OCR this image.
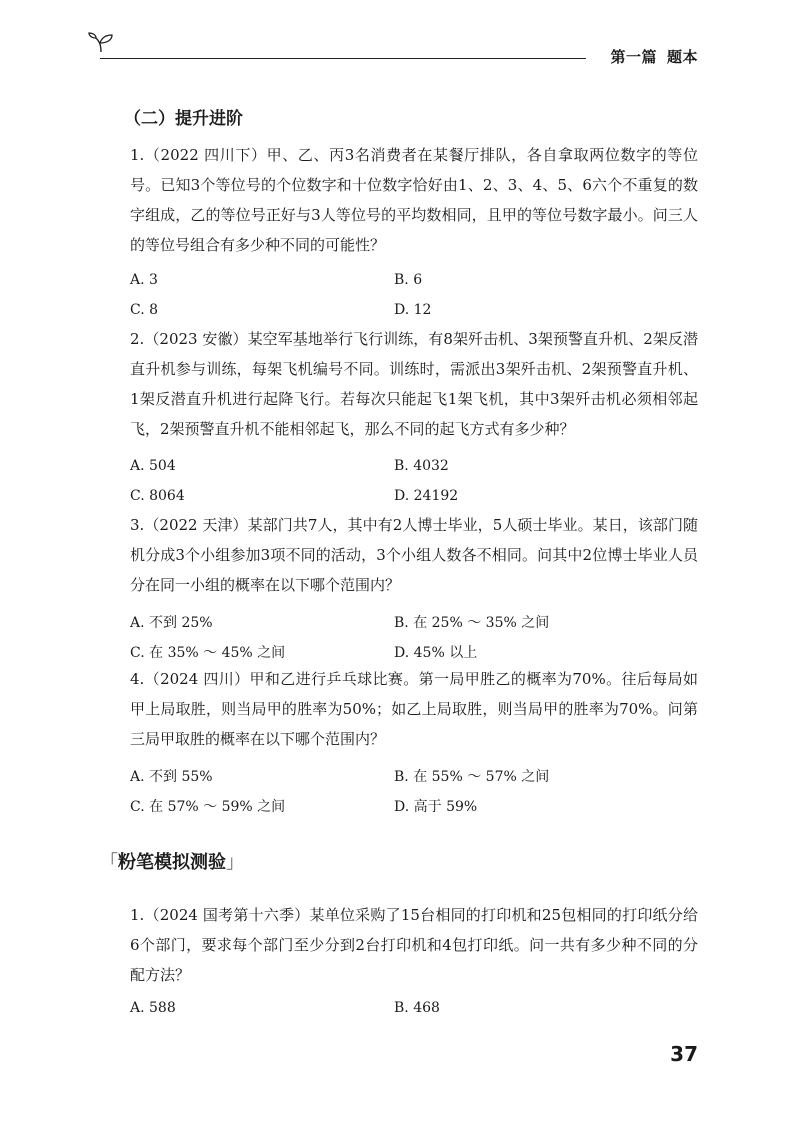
第一篇 题本
（二）提升进阶
1.（2022 四川下）甲、乙、丙3名消费者在某餐厅排队，各自拿取两位数字的等位号。已知3个等位号的个位数字和十位数字恰好由1、2、3、4、5、6六个不重复的数字组成，乙的等位号正好与3人等位号的平均数相同，且甲的等位号数字最小。问三人的等位号组合有多少种不同的可能性？
A. 3	B. 6
C. 8	D. 12
2.（2023 安徽）某空军基地举行飞行训练，有8架歼击机、3架预警直升机、2架反潜直升机参与训练，每架飞机编号不同。训练时，需派出3架歼击机、2架预警直升机、1架反潜直升机进行起降飞行。若每次只能起飞1架飞机，其中3架歼击机必须相邻起飞，2架预警直升机不能相邻起飞，那么不同的起飞方式有多少种？
A. 504	B. 4032
C. 8064	D. 24192
3.（2022 天津）某部门共7人，其中有2人博士毕业，5人硕士毕业。某日，该部门随机分成3个小组参加3项不同的活动，3个小组人数各不相同。问其中2位博士毕业人员分在同一小组的概率在以下哪个范围内？
A. 不到 25%	B. 在 25% ～ 35% 之间
C. 在 35% ～ 45% 之间	D. 45% 以上
4.（2024 四川）甲和乙进行乒乓球比赛。第一局甲胜乙的概率为70%。往后每局如甲上局取胜，则当局甲的胜率为50%；如乙上局取胜，则当局甲的胜率为70%。问第三局甲取胜的概率在以下哪个范围内？
A. 不到 55%	B. 在 55% ～ 57% 之间
C. 在 57% ～ 59% 之间	D. 高于 59%
「粉笔模拟测验」
1.（2024 国考第十六季）某单位采购了15台相同的打印机和25包相同的打印纸分给6个部门，要求每个部门至少分到2台打印机和4包打印纸。问一共有多少种不同的分配方法？
A. 588	B. 468
37
